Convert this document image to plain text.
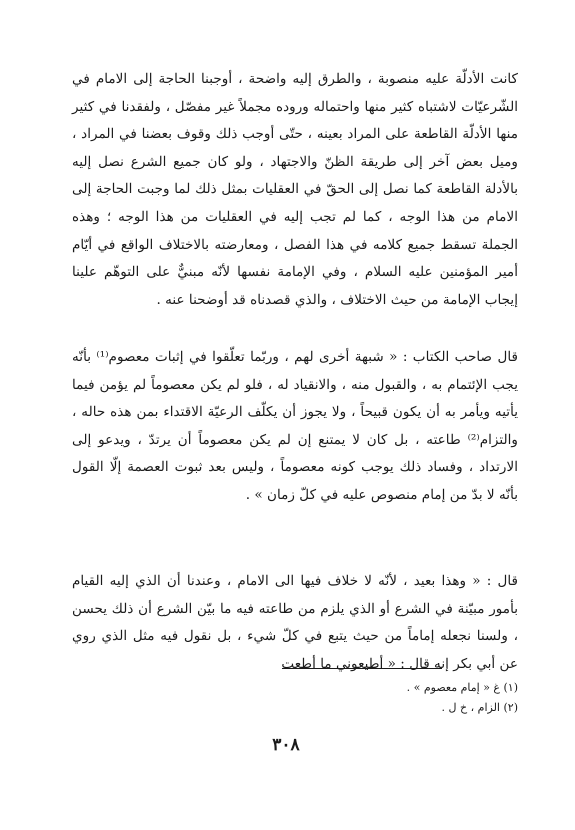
كانت الأدلّة عليه منصوبة ، والطرق إليه واضحة ، أوجبنا الحاجة إلى الامام في الشّرعيّات لاشتباه كثير منها واحتماله وروده مجملاً غير مفصّل ، ولفقدنا في كثير منها الأدلّة القاطعة على المراد بعينه ، حتّى أوجب ذلك وقوف بعضنا في المراد ، وميل بعض آخر إلى طريقة الظنّ والاجتهاد ، ولو كان جميع الشرع نصل إليه بالأدلة القاطعة كما نصل إلى الحقّ في العقليات بمثل ذلك لما وجبت الحاجة إلى الامام من هذا الوجه ، كما لم تجب إليه في العقليات من هذا الوجه ؛ وهذه الجملة تسقط جميع كلامه في هذا الفصل ، ومعارضته بالاختلاف الواقع في أيّام أمير المؤمنين عليه السلام ، وفي الإمامة نفسها لأنّه مبنيٌّ على التوهّم علينا إيجاب الإمامة من حيث الاختلاف ، والذي قصدناه قد أوضحنا عنه .

قال صاحب الكتاب : « شبهة أخرى لهم ، وربّما تعلّقوا في إثبات معصوم⁽¹⁾ بأنّه يجب الإئتمام به ، والقبول منه ، والانقياد له ، فلو لم يكن معصوماً لم يؤمن فيما يأتيه ويأمر به أن يكون قبيحاً ، ولا يجوز أن يكلّف الرعيّة الاقتداء بمن هذه حاله ، والتزام⁽²⁾ طاعته ، بل كان لا يمتنع إن لم يكن معصوماً أن يرتدّ ، ويدعو إلى الارتداد ، وفساد ذلك يوجب كونه معصوماً ، وليس بعد ثبوت العصمة إلّا القول بأنّه لا بدّ من إمام منصوص عليه في كلّ زمان » .

قال : « وهذا بعيد ، لأنّه لا خلاف فيها الى الامام ، وعندنا أن الذي إليه القيام بأمور مبيّنة في الشرع أو الذي يلزم من طاعته فيه ما بيّن الشرع أن ذلك يحسن ، ولسنا نجعله إماماً من حيث يتبع في كلّ شيء ، بل نقول فيه مثل الذي روي عن أبي بكر إنه قال : « أطيعوني ما أطعت

(١) غ « إمام معصوم » .
(٢) الزام ، خ ل .
٣٠٨
